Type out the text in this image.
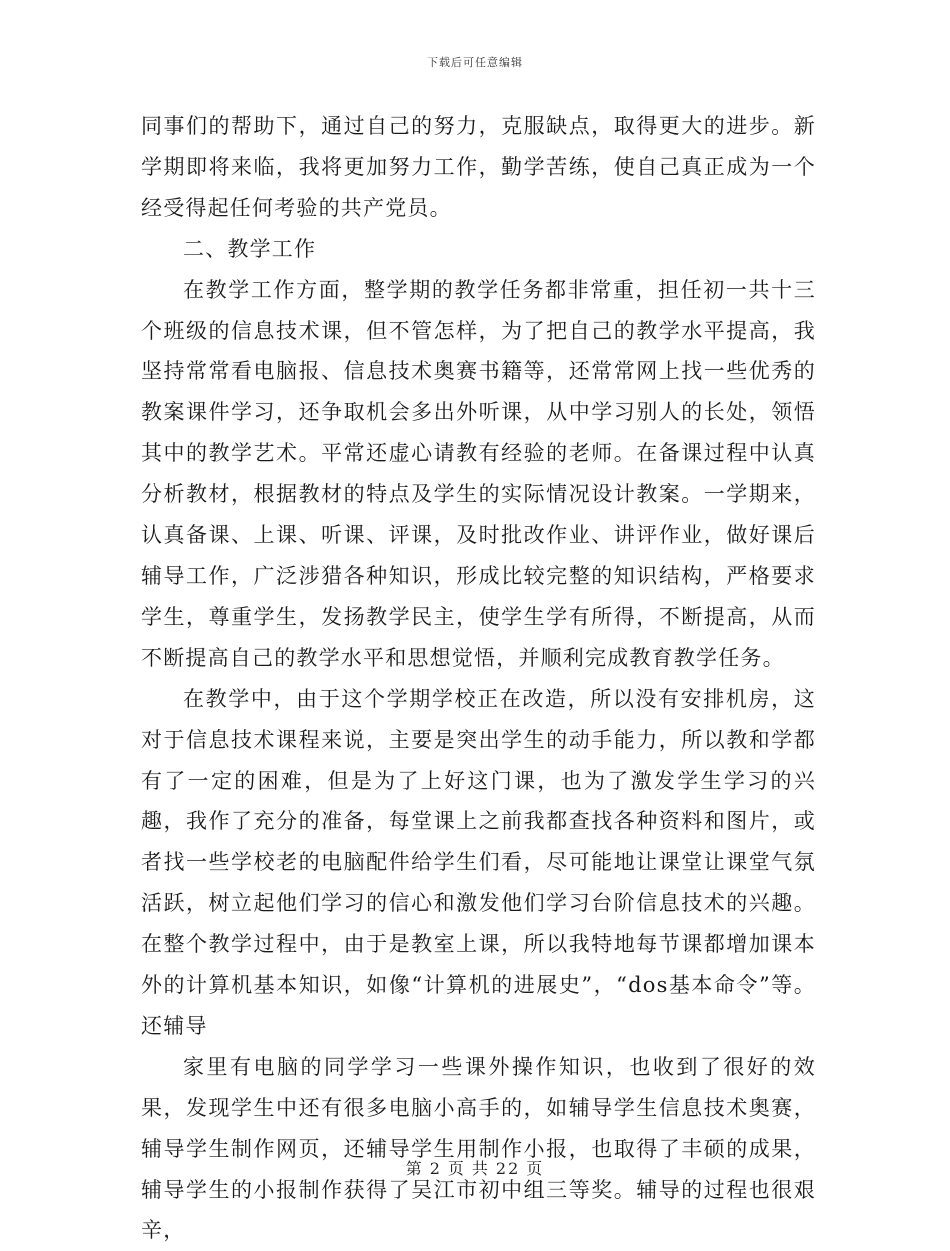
下载后可任意编辑

同事们的帮助下，通过自己的努力，克服缺点，取得更大的进步。新学期即将来临，我将更加努力工作，勤学苦练，使自己真正成为一个经受得起任何考验的共产党员。

二、教学工作

在教学工作方面，整学期的教学任务都非常重，担任初一共十三个班级的信息技术课，但不管怎样，为了把自己的教学水平提高，我坚持常常看电脑报、信息技术奥赛书籍等，还常常网上找一些优秀的教案课件学习，还争取机会多出外听课，从中学习别人的长处，领悟其中的教学艺术。平常还虚心请教有经验的老师。在备课过程中认真分析教材，根据教材的特点及学生的实际情况设计教案。一学期来，认真备课、上课、听课、评课，及时批改作业、讲评作业，做好课后辅导工作，广泛涉猎各种知识，形成比较完整的知识结构，严格要求学生，尊重学生，发扬教学民主，使学生学有所得，不断提高，从而不断提高自己的教学水平和思想觉悟，并顺利完成教育教学任务。

在教学中，由于这个学期学校正在改造，所以没有安排机房，这对于信息技术课程来说，主要是突出学生的动手能力，所以教和学都有了一定的困难，但是为了上好这门课，也为了激发学生学习的兴趣，我作了充分的准备，每堂课上之前我都查找各种资料和图片，或者找一些学校老的电脑配件给学生们看，尽可能地让课堂让课堂气氛活跃，树立起他们学习的信心和激发他们学习台阶信息技术的兴趣。在整个教学过程中，由于是教室上课，所以我特地每节课都增加课本外的计算机基本知识，如像“计算机的进展史”，“dos基本命令”等。还辅导

家里有电脑的同学学习一些课外操作知识，也收到了很好的效果，发现学生中还有很多电脑小高手的，如辅导学生信息技术奥赛，辅导学生制作网页，还辅导学生用制作小报，也取得了丰硕的成果，辅导学生的小报制作获得了吴江市初中组三等奖。辅导的过程也很艰辛，

第 2 页 共 22 页
